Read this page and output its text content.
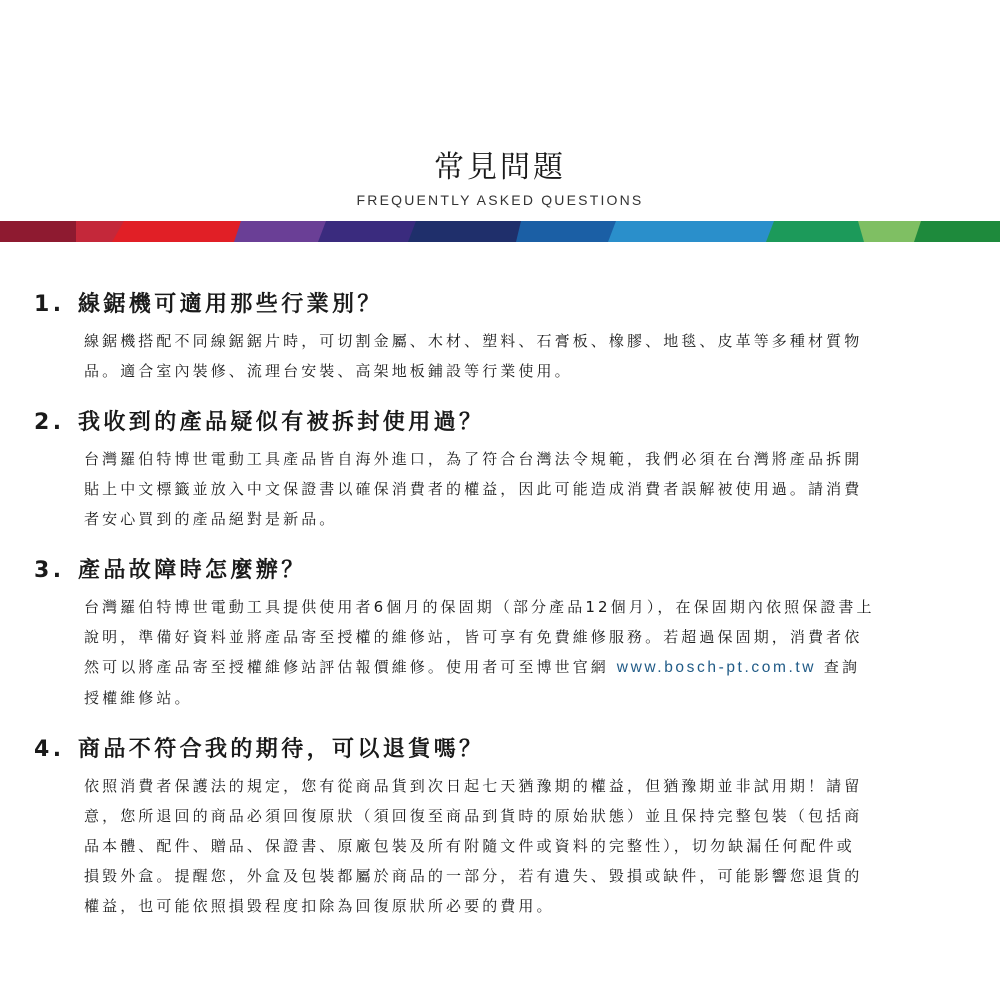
常見問題
FREQUENTLY ASKED QUESTIONS
1. 線鋸機可適用那些行業別？

線鋸機搭配不同線鋸鋸片時，可切割金屬、木材、塑料、石膏板、橡膠、地毯、皮革等多種材質物

品。適合室內裝修、流理台安裝、高架地板鋪設等行業使用。

2. 我收到的產品疑似有被拆封使用過？

台灣羅伯特博世電動工具產品皆自海外進口，為了符合台灣法令規範，我們必須在台灣將產品拆開

貼上中文標籤並放入中文保證書以確保消費者的權益，因此可能造成消費者誤解被使用過。請消費

者安心買到的產品絕對是新品。

3. 產品故障時怎麼辦？

台灣羅伯特博世電動工具提供使用者6個月的保固期（部分產品12個月），在保固期內依照保證書上

說明，準備好資料並將產品寄至授權的維修站，皆可享有免費維修服務。若超過保固期，消費者依

然可以將產品寄至授權維修站評估報價維修。使用者可至博世官網 www.bosch-pt.com.tw 查詢

授權維修站。

4. 商品不符合我的期待，可以退貨嗎？

依照消費者保護法的規定，您有從商品貨到次日起七天猶豫期的權益，但猶豫期並非試用期！請留

意，您所退回的商品必須回復原狀（須回復至商品到貨時的原始狀態）並且保持完整包裝（包括商

品本體、配件、贈品、保證書、原廠包裝及所有附隨文件或資料的完整性），切勿缺漏任何配件或

損毀外盒。提醒您，外盒及包裝都屬於商品的一部分，若有遺失、毀損或缺件，可能影響您退貨的

權益，也可能依照損毀程度扣除為回復原狀所必要的費用。
